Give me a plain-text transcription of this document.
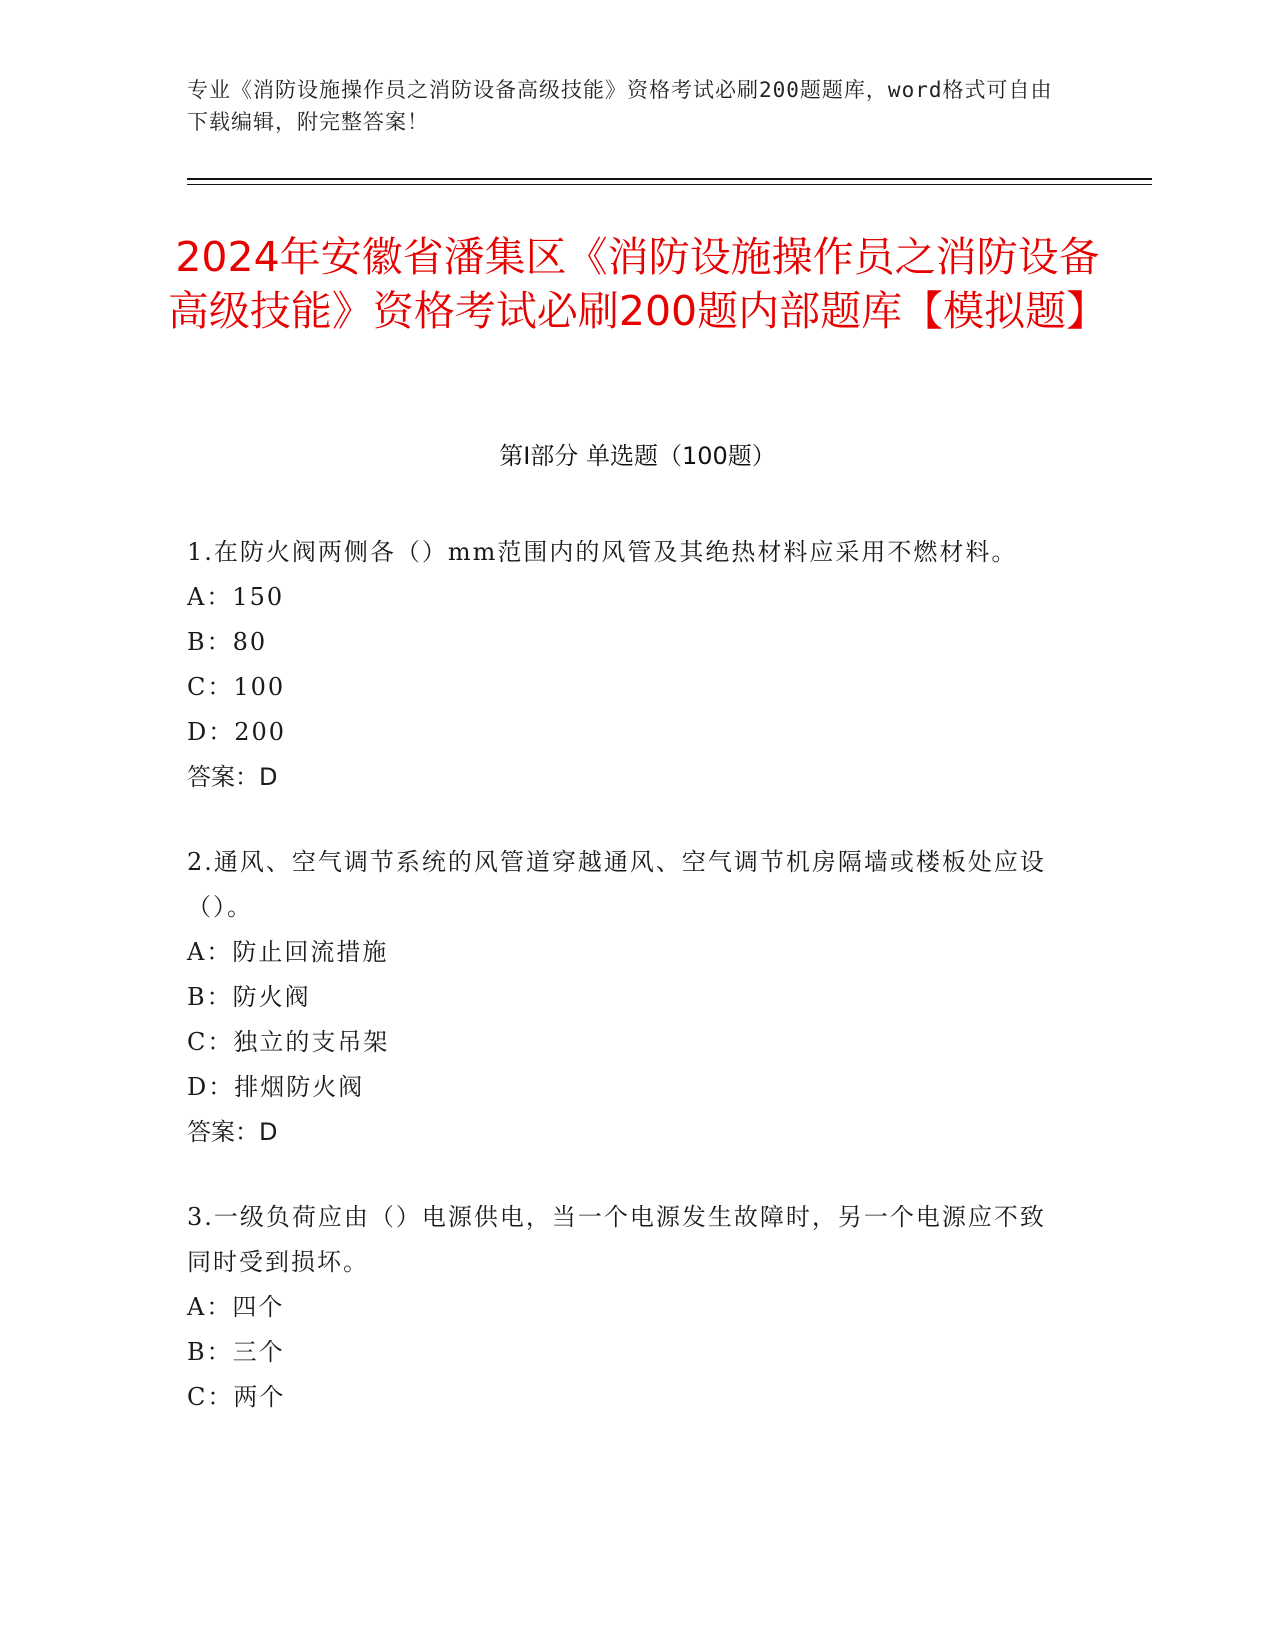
专业《消防设施操作员之消防设备高级技能》资格考试必刷200题题库，word格式可自由下载编辑，附完整答案！
2024年安徽省潘集区《消防设施操作员之消防设备高级技能》资格考试必刷200题内部题库【模拟题】
第Ⅰ部分 单选题（100题）

1.在防火阀两侧各（）mm范围内的风管及其绝热材料应采用不燃材料。

A：150

B：80

C：100

D：200

答案：D

2.通风、空气调节系统的风管道穿越通风、空气调节机房隔墙或楼板处应设（）。

A：防止回流措施

B：防火阀

C：独立的支吊架

D：排烟防火阀

答案：D

3.一级负荷应由（）电源供电，当一个电源发生故障时，另一个电源应不致同时受到损坏。

A：四个

B：三个

C：两个
